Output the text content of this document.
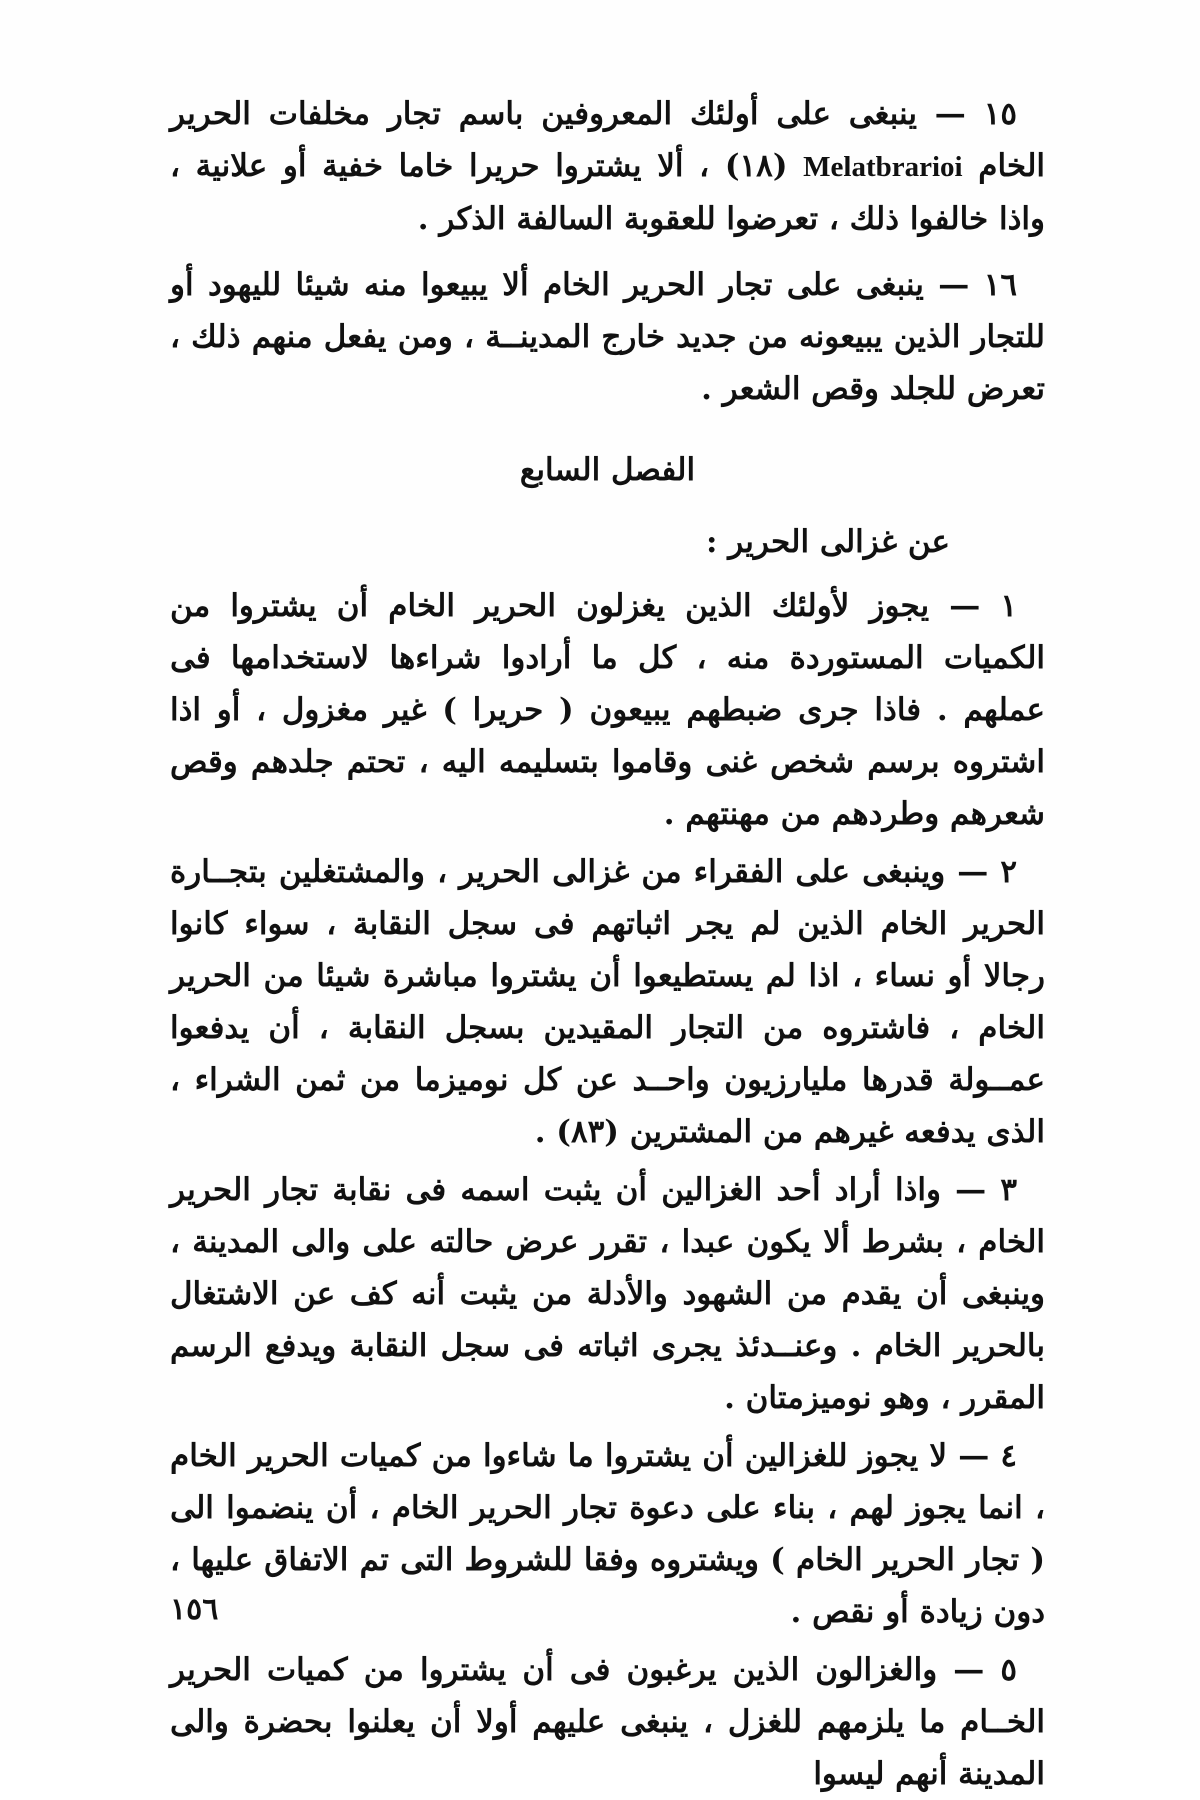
١٥ — ينبغى على أولئك المعروفين باسم تجار مخلفات الحرير الخام Melatbrarioi (١٨) ، ألا يشتروا حريرا خاما خفية أو علانية ، واذا خالفوا ذلك ، تعرضوا للعقوبة السالفة الذكر .

١٦ — ينبغى على تجار الحرير الخام ألا يبيعوا منه شيئا لليهود أو للتجار الذين يبيعونه من جديد خارج المدينــة ، ومن يفعل منهم ذلك ، تعرض للجلد وقص الشعر .

الفصل السابع
عن غزالى الحرير :

١ — يجوز لأولئك الذين يغزلون الحرير الخام أن يشتروا من الكميات المستوردة منه ، كل ما أرادوا شراءها لاستخدامها فى عملهم . فاذا جرى ضبطهم يبيعون ( حريرا ) غير مغزول ، أو اذا اشتروه برسم شخص غنى وقاموا بتسليمه اليه ، تحتم جلدهم وقص شعرهم وطردهم من مهنتهم .

٢ — وينبغى على الفقراء من غزالى الحرير ، والمشتغلين بتجــارة الحرير الخام الذين لم يجر اثباتهم فى سجل النقابة ، سواء كانوا رجالا أو نساء ، اذا لم يستطيعوا أن يشتروا مباشرة شيئا من الحرير الخام ، فاشتروه من التجار المقيدين بسجل النقابة ، أن يدفعوا عمــولة قدرها مليارزيون واحــد عن كل نوميزما من ثمن الشراء ، الذى يدفعه غيرهم من المشترين (٨٣) .

٣ — واذا أراد أحد الغزالين أن يثبت اسمه فى نقابة تجار الحرير الخام ، بشرط ألا يكون عبدا ، تقرر عرض حالته على والى المدينة ، وينبغى أن يقدم من الشهود والأدلة من يثبت أنه كف عن الاشتغال بالحرير الخام . وعنــدئذ يجرى اثباته فى سجل النقابة ويدفع الرسم المقرر ، وهو نوميزمتان .

٤ — لا يجوز للغزالين أن يشتروا ما شاءوا من كميات الحرير الخام ، انما يجوز لهم ، بناء على دعوة تجار الحرير الخام ، أن ينضموا الى ( تجار الحرير الخام ) ويشتروه وفقا للشروط التى تم الاتفاق عليها ، دون زيادة أو نقص .

٥ — والغزالون الذين يرغبون فى أن يشتروا من كميات الحرير الخــام ما يلزمهم للغزل ، ينبغى عليهم أولا أن يعلنوا بحضرة والى المدينة أنهم ليسوا

١٥٦
